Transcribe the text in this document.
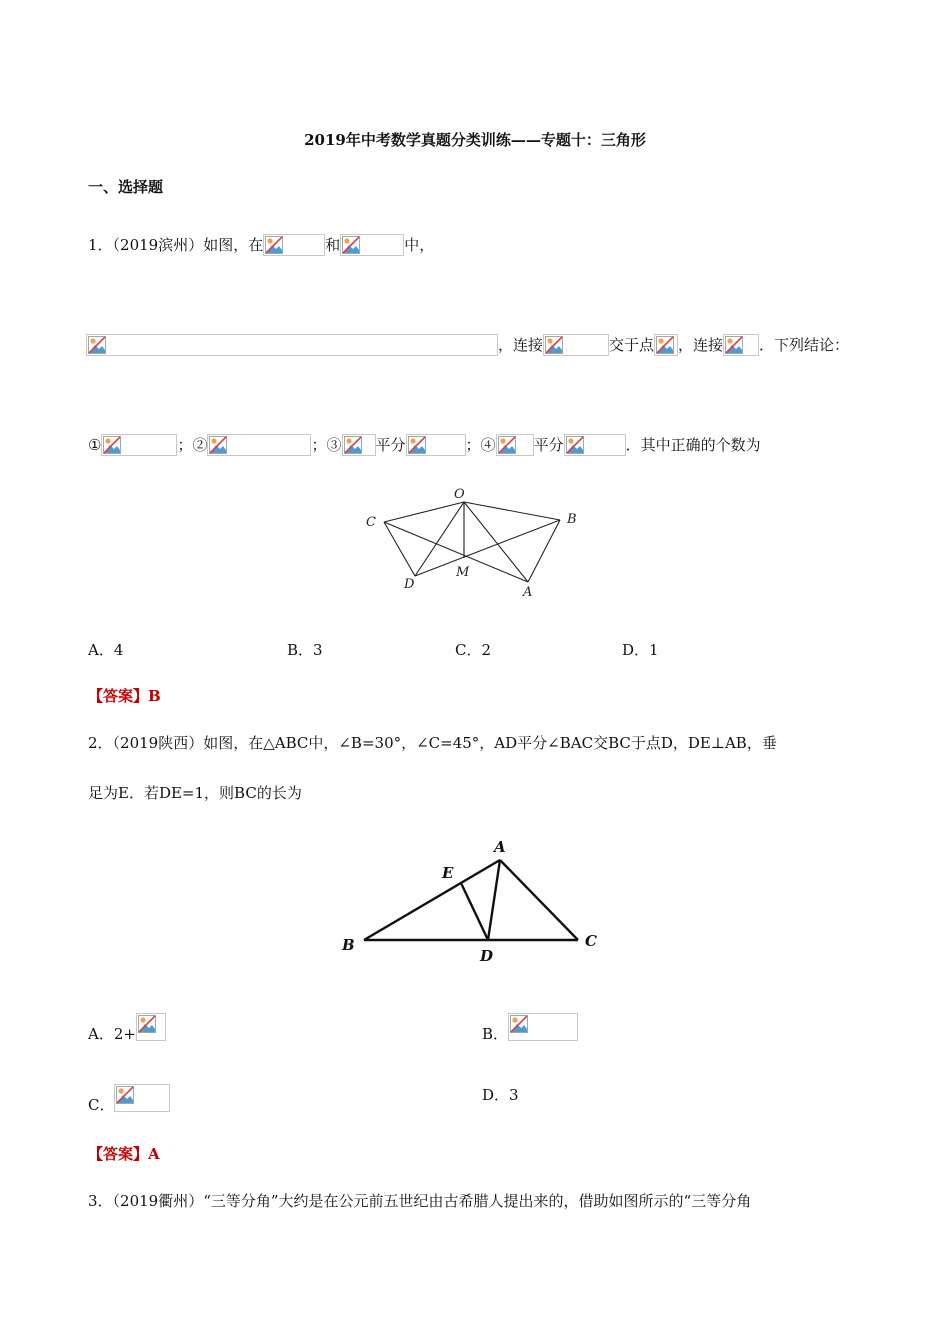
2019年中考数学真题分类训练——专题十：三角形
一、选择题
1．（2019滨州）如图，在	和	中，
，连接	交于点 ，连接 ．下列结论：
①	；②	；③ 平分	；④	平分	．其中正确的个数为
O
B
C
D
M
A
A．4	B．3	C．2	D．1
【答案】B
2．（2019陕西）如图，在△ABC中，∠B=30°，∠C=45°，AD平分∠BAC交BC于点D，DE⊥AB，垂
足为E．若DE=1，则BC的长为
A
B	C
D
E
A．2+	B．
C．
D．3
【答案】A
3．（2019衢州）“三等分角”大约是在公元前五世纪由古希腊人提出来的，借助如图所示的“三等分角
